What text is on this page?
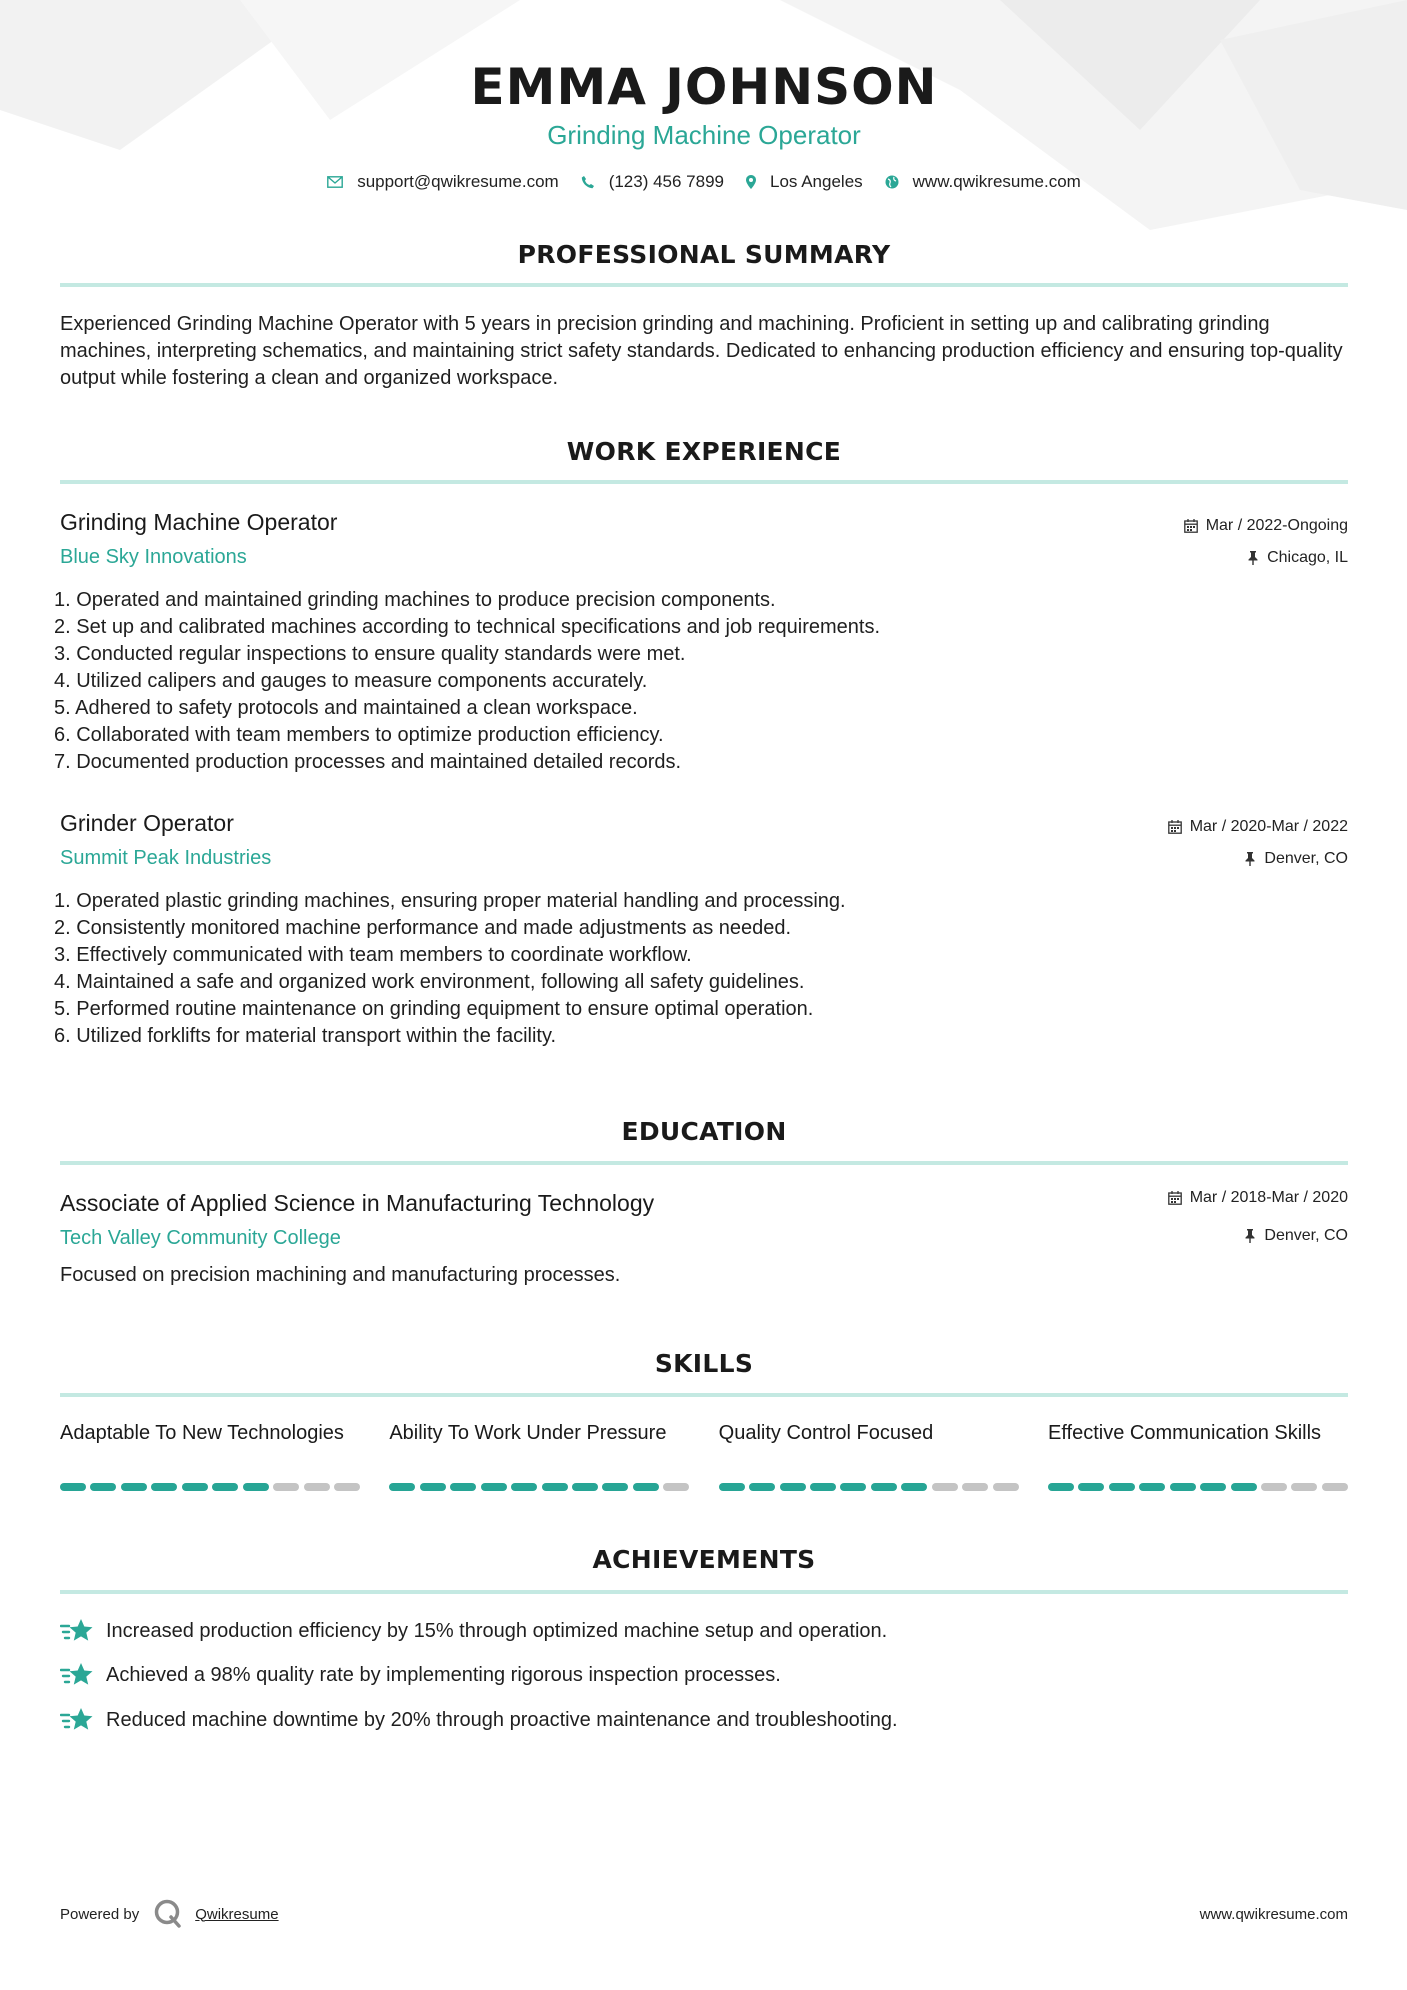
EMMA JOHNSON
Grinding Machine Operator
support@qwikresume.com	(123) 456 7899	Los Angeles	www.qwikresume.com
PROFESSIONAL SUMMARY
Experienced Grinding Machine Operator with 5 years in precision grinding and machining. Proficient in setting up and calibrating grinding machines, interpreting schematics, and maintaining strict safety standards. Dedicated to enhancing production efficiency and ensuring top-quality output while fostering a clean and organized workspace.
WORK EXPERIENCE
Grinding Machine Operator
Blue Sky Innovations
Mar / 2022-Ongoing
Chicago, IL
1. Operated and maintained grinding machines to produce precision components.
2. Set up and calibrated machines according to technical specifications and job requirements.
3. Conducted regular inspections to ensure quality standards were met.
4. Utilized calipers and gauges to measure components accurately.
5. Adhered to safety protocols and maintained a clean workspace.
6. Collaborated with team members to optimize production efficiency.
7. Documented production processes and maintained detailed records.
Grinder Operator
Summit Peak Industries
Mar / 2020-Mar / 2022
Denver, CO
1. Operated plastic grinding machines, ensuring proper material handling and processing.
2. Consistently monitored machine performance and made adjustments as needed.
3. Effectively communicated with team members to coordinate workflow.
4. Maintained a safe and organized work environment, following all safety guidelines.
5. Performed routine maintenance on grinding equipment to ensure optimal operation.
6. Utilized forklifts for material transport within the facility.
EDUCATION
Associate of Applied Science in Manufacturing Technology
Tech Valley Community College
Mar / 2018-Mar / 2020
Denver, CO
Focused on precision machining and manufacturing processes.
SKILLS
Adaptable To New Technologies	Ability To Work Under Pressure	Quality Control Focused	Effective Communication Skills
ACHIEVEMENTS
Increased production efficiency by 15% through optimized machine setup and operation.
Achieved a 98% quality rate by implementing rigorous inspection processes.
Reduced machine downtime by 20% through proactive maintenance and troubleshooting.
Powered by	Qwikresume	www.qwikresume.com
